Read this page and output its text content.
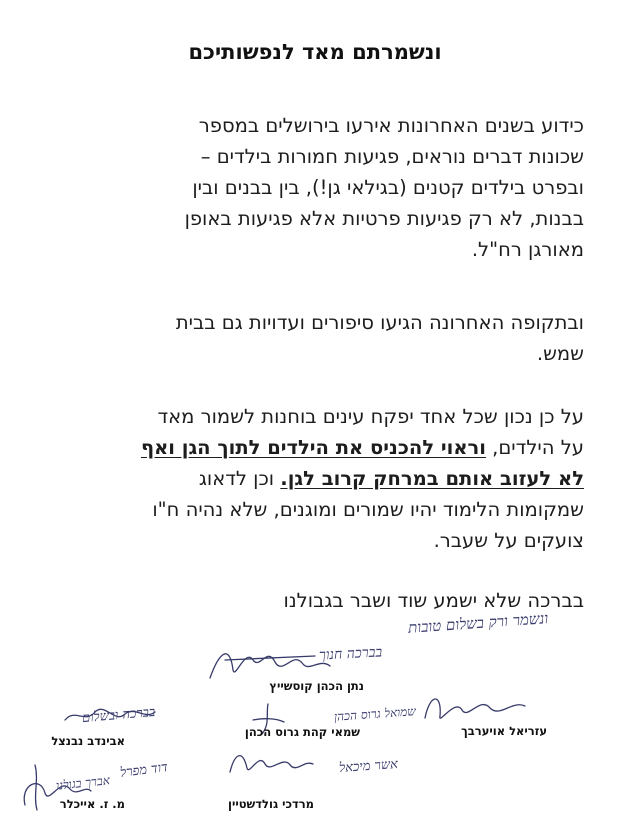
ונשמרתם מאד לנפשותיכם
כידוע בשנים האחרונות אירעו בירושלים במספר
שכונות דברים נוראים, פגיעות חמורות בילדים –
ובפרט בילדים קטנים (בגילאי גן!), בין בבנים ובין
בבנות, לא רק פגיעות פרטיות אלא פגיעות באופן
מאורגן רח"ל.
ובתקופה האחרונה הגיעו סיפורים ועדויות גם בבית
שמש.
על כן נכון שכל אחד יפקח עינים בוחנות לשמור מאד
על הילדים, וראוי להכניס את הילדים לתוך הגן ואף
לא לעזוב אותם במרחק קרוב לגן. וכן לדאוג
שמקומות הלימוד יהיו שמורים ומוגנים, שלא נהיה ח"ו
צועקים על שעבר.
בברכה שלא ישמע שוד ושבר בגבולנו
ונשמר ורק בשלום טובות
בברכה חנוך
בברכה ובשלום	שמואל גרוס הכהן
אשר מיכאל
דוד מפרל
אברך בגולנו
נתן הכהן קוסשייץ
עזריאל אויערבך
שמאי קהת גרוס הכהן
אבינדב נבנצל
מרדכי גולדשטיין
מ. ז. אייכלר
